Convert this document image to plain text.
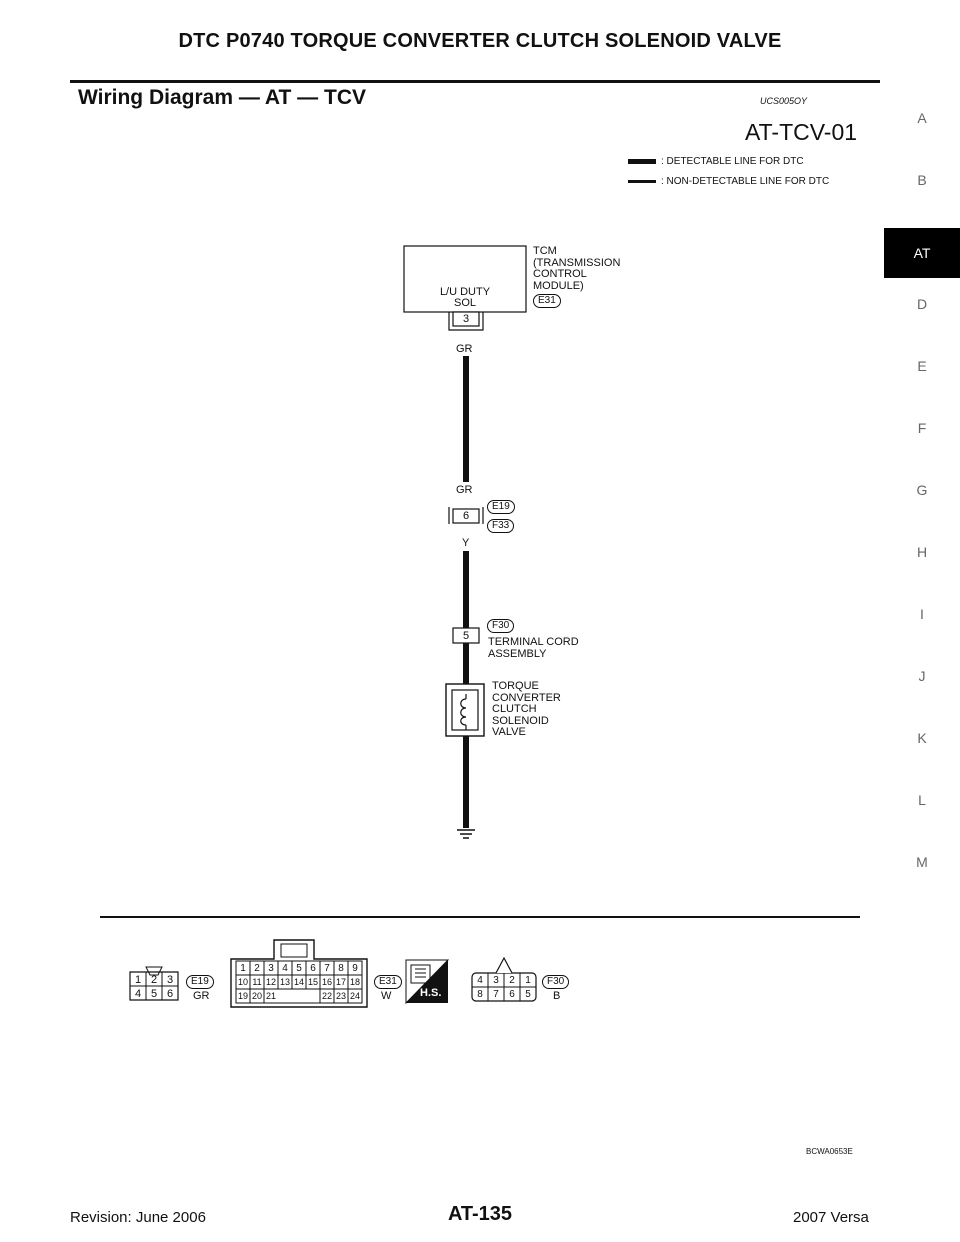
DTC P0740 TORQUE CONVERTER CLUTCH SOLENOID VALVE
Wiring Diagram — AT — TCV	UCS005OY
AT-TCV-01
: DETECTABLE LINE FOR DTC
: NON-DETECTABLE LINE FOR DTC
A
B
AT
D
E
F
G
H
I
J
K
L
M
L/U DUTY
SOL
TCM
(TRANSMISSION
CONTROL
MODULE)
E31
3
GR
GR
Y
6
E19
F33
5
F30
TERMINAL CORD
ASSEMBLY
TORQUE
CONVERTER
CLUTCH
SOLENOID
VALVE
1 2 3
4 5 6
E19
GR
1 2 3 4 5 6 7 8 9
10 11 12 13 14 15 16 17 18
19 20 21	22 23 24
E31
W	H.S.
4	3	2	1
8	7	6	5
F30
B
BCWA0653E
Revision: June 2006	AT-135	2007 Versa
